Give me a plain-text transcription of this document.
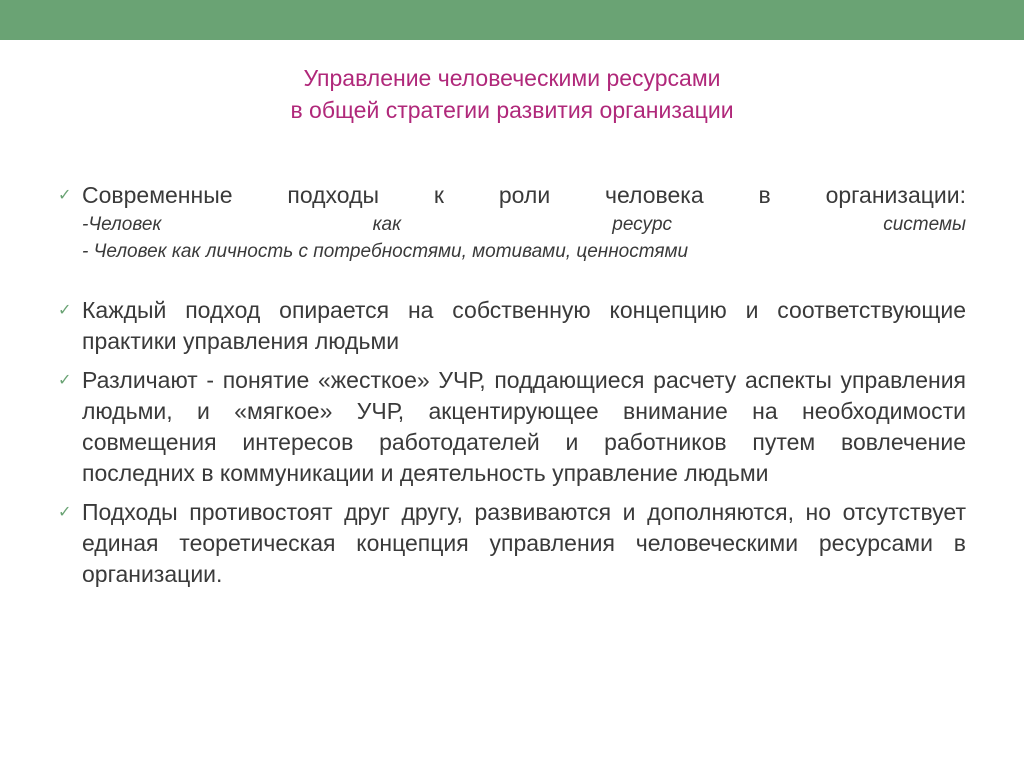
Управление человеческими ресурсами
в общей стратегии развития организации
✓ Современные подходы к роли человека в организации:
-Человек как ресурс системы
- Человек как личность с потребностями, мотивами, ценностями
✓ Каждый подход опирается на собственную концепцию и соответствующие практики управления людьми
✓ Различают - понятие «жесткое» УЧР, поддающиеся расчету аспекты управления людьми, и «мягкое» УЧР, акцентирующее внимание на необходимости совмещения интересов работодателей и работников путем вовлечение последних в коммуникации и деятельность управление людьми
✓ Подходы противостоят друг другу, развиваются и дополняются, но отсутствует единая теоретическая концепция управления человеческими ресурсами в организации.
